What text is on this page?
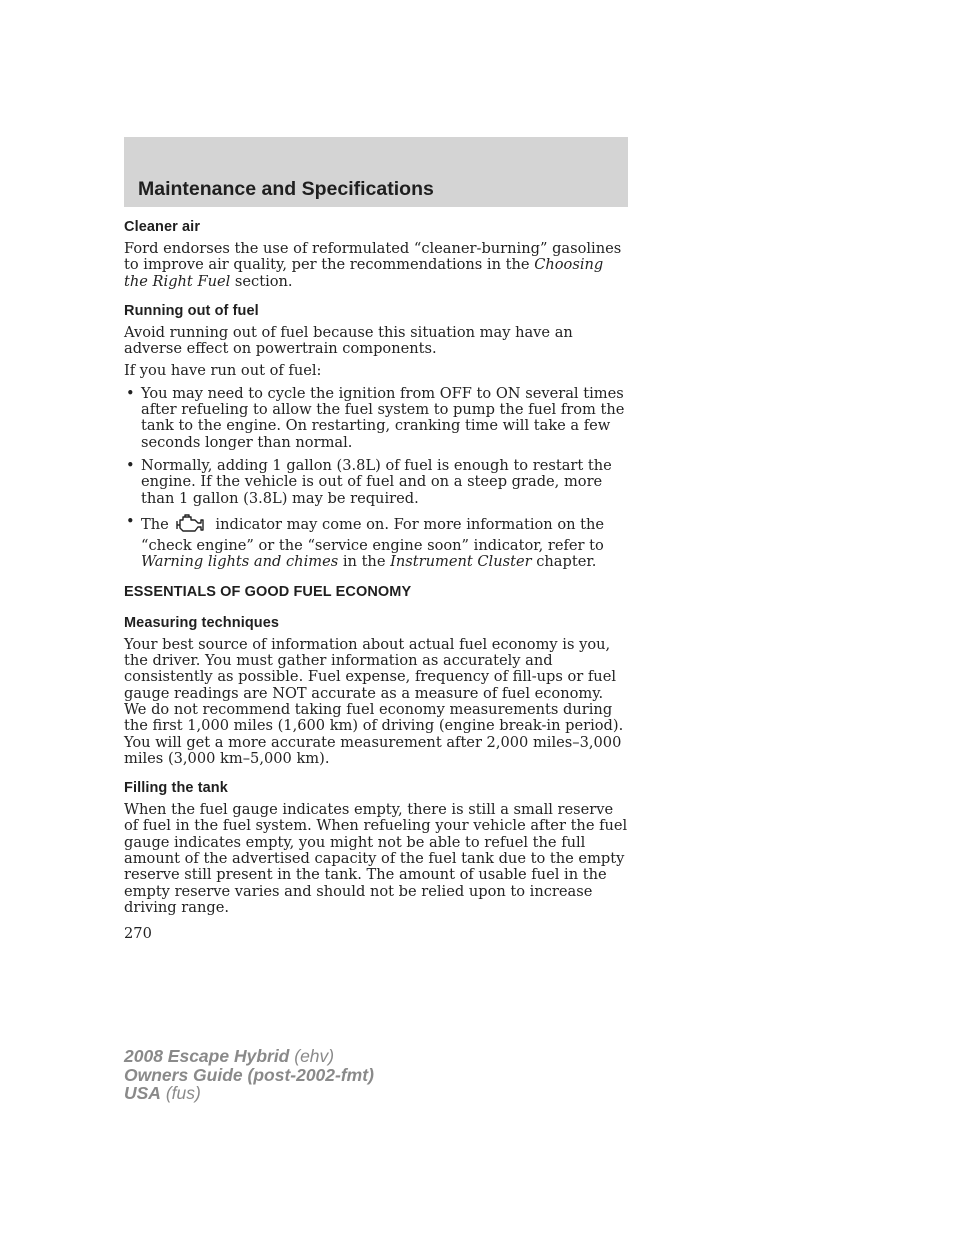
Maintenance and Specifications
Cleaner air

Ford endorses the use of reformulated “cleaner-burning” gasolines to improve air quality, per the recommendations in the Choosing the Right Fuel section.

Running out of fuel

Avoid running out of fuel because this situation may have an adverse effect on powertrain components.

If you have run out of fuel:

• You may need to cycle the ignition from OFF to ON several times after refueling to allow the fuel system to pump the fuel from the tank to the engine. On restarting, cranking time will take a few seconds longer than normal.
• Normally, adding 1 gallon (3.8L) of fuel is enough to restart the engine. If the vehicle is out of fuel and on a steep grade, more than 1 gallon (3.8L) may be required.
• The	indicator may come on. For more information on the “check engine” or the “service engine soon” indicator, refer to Warning lights and chimes in the Instrument Cluster chapter.
ESSENTIALS OF GOOD FUEL ECONOMY
Measuring techniques

Your best source of information about actual fuel economy is you, the driver. You must gather information as accurately and consistently as possible. Fuel expense, frequency of fill-ups or fuel gauge readings are NOT accurate as a measure of fuel economy. We do not recommend taking fuel economy measurements during the first 1,000 miles (1,600 km) of driving (engine break-in period). You will get a more accurate measurement after 2,000 miles–3,000 miles (3,000 km–5,000 km).

Filling the tank

When the fuel gauge indicates empty, there is still a small reserve of fuel in the fuel system. When refueling your vehicle after the fuel gauge indicates empty, you might not be able to refuel the full amount of the advertised capacity of the fuel tank due to the empty reserve still present in the tank. The amount of usable fuel in the empty reserve varies and should not be relied upon to increase driving range.

270
2008 Escape Hybrid (ehv)
Owners Guide (post-2002-fmt)
USA (fus)
